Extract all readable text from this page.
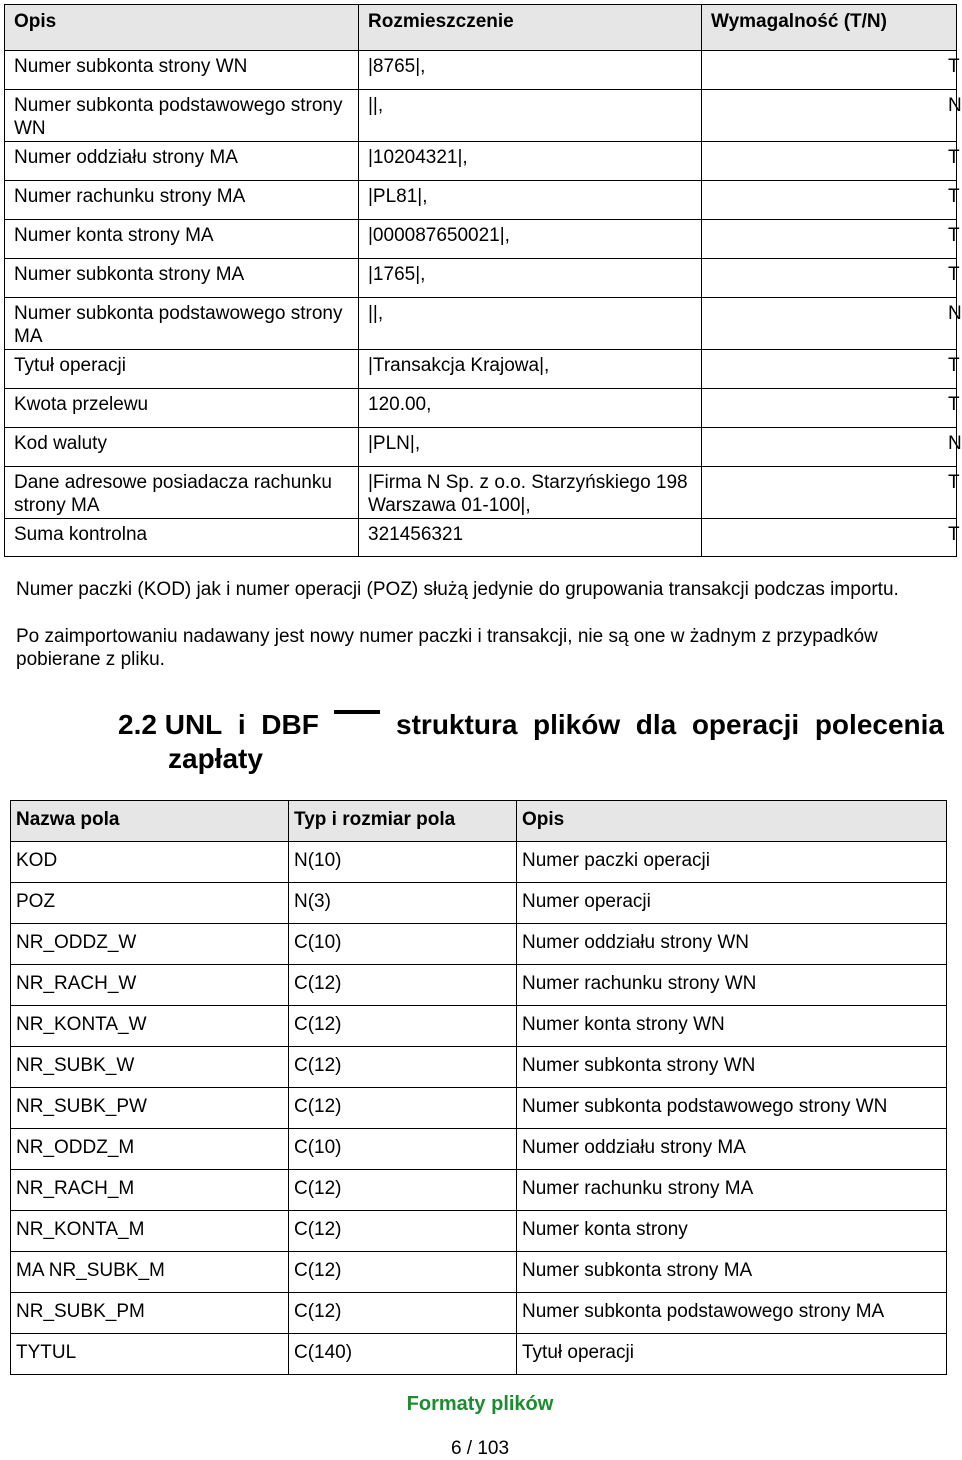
Opis	Rozmieszczenie	Wymagalność (T/N)
Numer subkonta strony WN	|8765|,	T
Numer subkonta podstawowego strony WN	||,	N
Numer oddziału strony MA	|10204321|,	T
Numer rachunku strony MA	|PL81|,	T
Numer konta strony MA	|000087650021|,	T
Numer subkonta strony MA	|1765|,	T
Numer subkonta podstawowego strony MA	||,	N
Tytuł operacji	|Transakcja Krajowa|,	T
Kwota przelewu	120.00,	T
Kod waluty	|PLN|,	N
Dane adresowe posiadacza rachunku strony MA	|Firma N Sp. z o.o. Starzyńskiego 198 Warszawa 01-100|,	T
Suma kontrolna	321456321	T

Numer paczki (KOD) jak i numer operacji (POZ) służą jedynie do grupowania transakcji podczas importu.

Po zaimportowaniu nadawany jest nowy numer paczki i transakcji, nie są one w żadnym z przypadków pobierane z pliku.

2.2 UNL i DBF	struktura plików dla operacji polecenia
zapłaty
Nazwa pola	Typ i rozmiar pola	Opis
KOD	N(10)	Numer paczki operacji
POZ	N(3)	Numer operacji
NR_ODDZ_W	C(10)	Numer oddziału strony WN
NR_RACH_W	C(12)	Numer rachunku strony WN
NR_KONTA_W	C(12)	Numer konta strony WN
NR_SUBK_W	C(12)	Numer subkonta strony WN
NR_SUBK_PW	C(12)	Numer subkonta podstawowego strony WN
NR_ODDZ_M	C(10)	Numer oddziału strony MA
NR_RACH_M	C(12)	Numer rachunku strony MA
NR_KONTA_M	C(12)	Numer konta strony
MA NR_SUBK_M	C(12)	Numer subkonta strony MA
NR_SUBK_PM	C(12)	Numer subkonta podstawowego strony MA
TYTUL	C(140)	Tytuł operacji
Formaty plików
6 / 103
